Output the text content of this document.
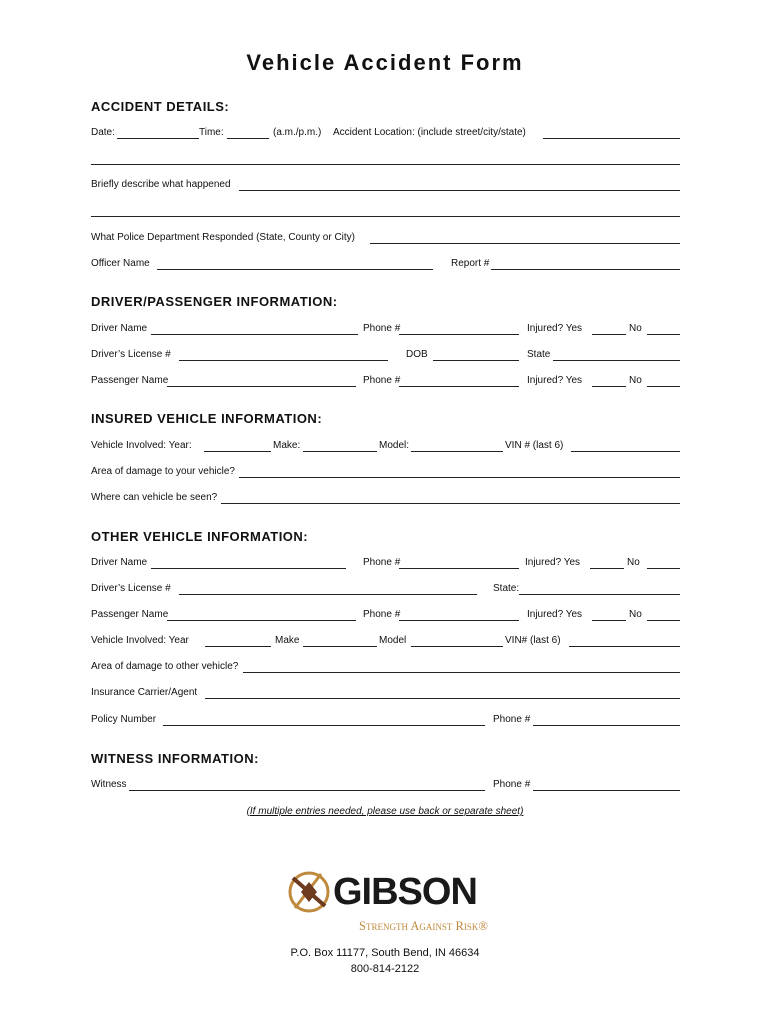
Vehicle Accident Form
ACCIDENT DETAILS:
Date:	Time:	(a.m./p.m.) Accident Location: (include street/city/state)
Briefly describe what happened
What Police Department Responded (State, County or City)
Officer Name	Report #
DRIVER/PASSENGER INFORMATION:
Driver Name	Phone #	Injured? Yes	No
Driver’s License #	DOB	State
Passenger Name	Phone #	Injured? Yes	No
INSURED VEHICLE INFORMATION:
Vehicle Involved: Year:	Make:	Model:	VIN # (last 6)
Area of damage to your vehicle?
Where can vehicle be seen?
OTHER VEHICLE INFORMATION:
Driver Name	Phone #	Injured? Yes	No
Driver’s License #	State:
Passenger Name	Phone #	Injured? Yes	No
Vehicle Involved: Year	Make	Model	VIN# (last 6)
Area of damage to other vehicle?
Insurance Carrier/Agent
Policy Number	Phone #
WITNESS INFORMATION:
Witness	Phone #
(If multiple entries needed, please use back or separate sheet)
GIBSON
Strength Against Risk®
P.O. Box 11177, South Bend, IN 46634
800-814-2122
